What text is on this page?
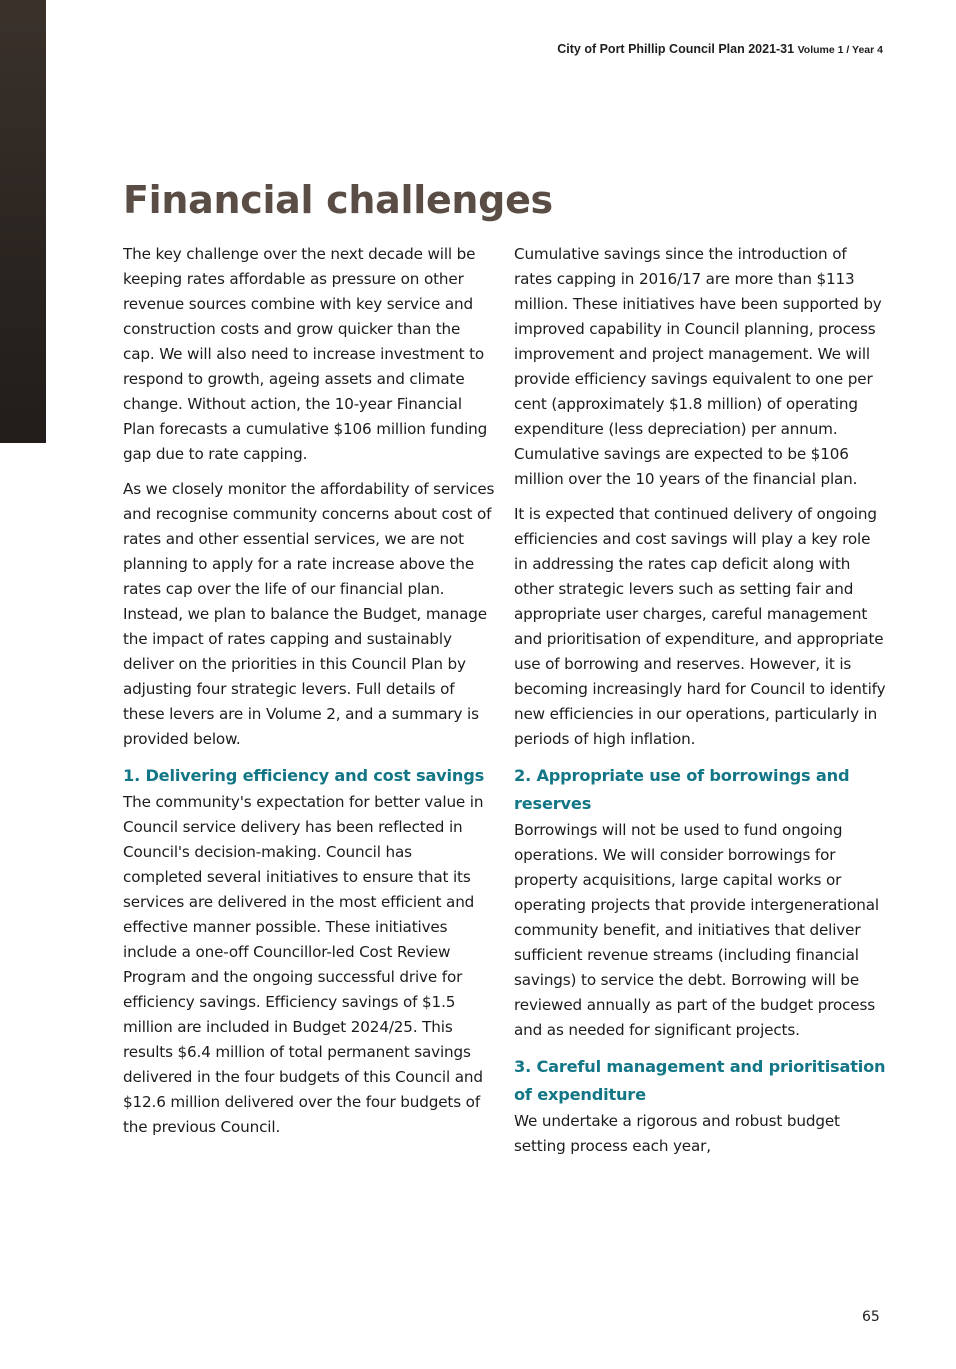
City of Port Phillip Council Plan 2021-31 Volume 1 / Year 4
Financial challenges

The key challenge over the next decade will be keeping rates affordable as pressure on other revenue sources combine with key service and construction costs and grow quicker than the cap. We will also need to increase investment to respond to growth, ageing assets and climate change. Without action, the 10-year Financial Plan forecasts a cumulative $106 million funding gap due to rate capping.

As we closely monitor the affordability of services and recognise community concerns about cost of rates and other essential services, we are not planning to apply for a rate increase above the rates cap over the life of our financial plan. Instead, we plan to balance the Budget, manage the impact of rates capping and sustainably deliver on the priorities in this Council Plan by adjusting four strategic levers. Full details of these levers are in Volume 2, and a summary is provided below.

1. Delivering efficiency and cost savings

The community's expectation for better value in Council service delivery has been reflected in Council's decision-making. Council has completed several initiatives to ensure that its services are delivered in the most efficient and effective manner possible. These initiatives include a one-off Councillor-led Cost Review Program and the ongoing successful drive for efficiency savings. Efficiency savings of $1.5 million are included in Budget 2024/25. This results $6.4 million of total permanent savings delivered in the four budgets of this Council and $12.6 million delivered over the four budgets of the previous Council.

Cumulative savings since the introduction of rates capping in 2016/17 are more than $113 million. These initiatives have been supported by improved capability in Council planning, process improvement and project management. We will provide efficiency savings equivalent to one per cent (approximately $1.8 million) of operating expenditure (less depreciation) per annum. Cumulative savings are expected to be $106 million over the 10 years of the financial plan.

It is expected that continued delivery of ongoing efficiencies and cost savings will play a key role in addressing the rates cap deficit along with other strategic levers such as setting fair and appropriate user charges, careful management and prioritisation of expenditure, and appropriate use of borrowing and reserves. However, it is becoming increasingly hard for Council to identify new efficiencies in our operations, particularly in periods of high inflation.

2. Appropriate use of borrowings and reserves

Borrowings will not be used to fund ongoing operations. We will consider borrowings for property acquisitions, large capital works or operating projects that provide intergenerational community benefit, and initiatives that deliver sufficient revenue streams (including financial savings) to service the debt. Borrowing will be reviewed annually as part of the budget process and as needed for significant projects.

3. Careful management and prioritisation of expenditure

We undertake a rigorous and robust budget setting process each year,

65
